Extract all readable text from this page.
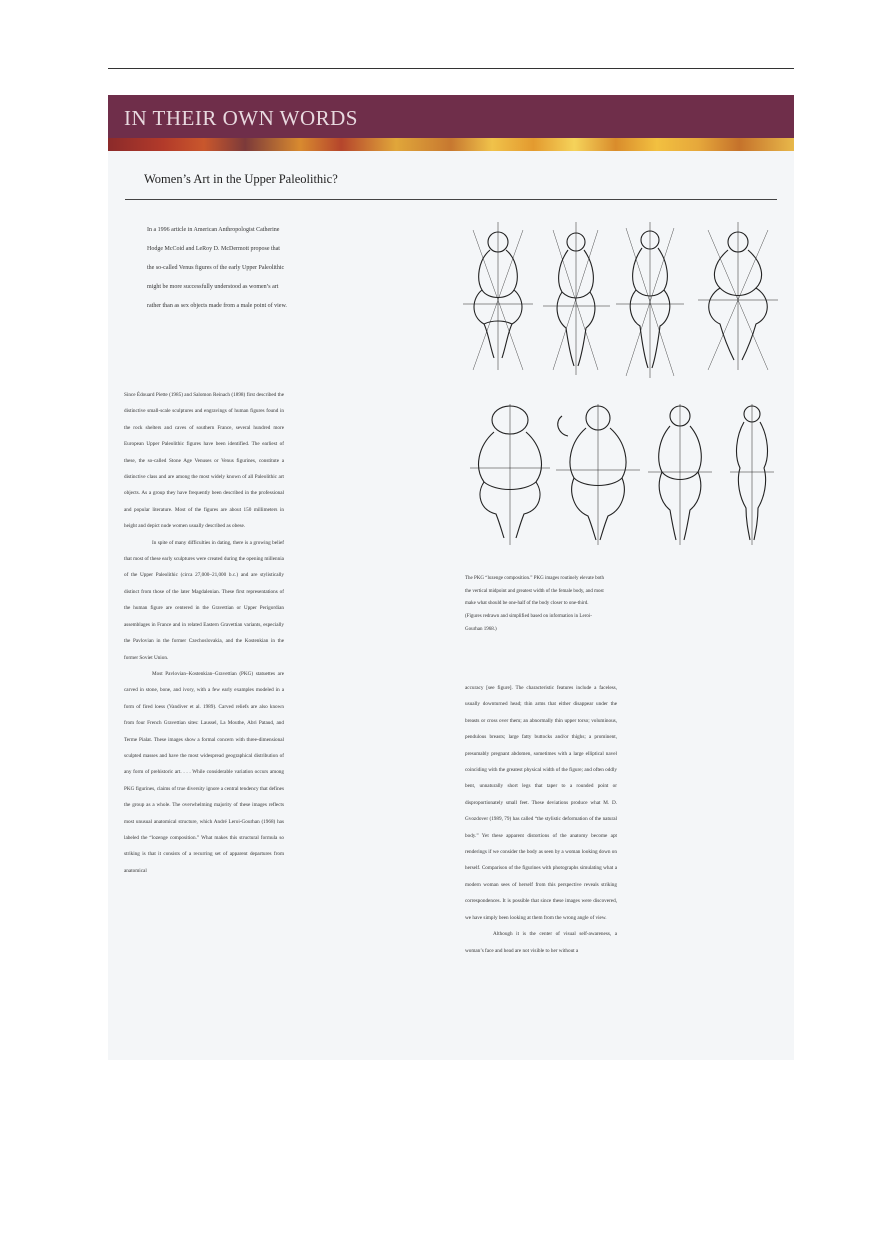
IN THEIR OWN WORDS
Women’s Art in the Upper Paleolithic?
In a 1996 article in American Anthropologist Catherine Hodge McCoid and LeRoy D. McDermott propose that the so-called Venus figures of the early Upper Paleolithic might be more successfully understood as women’s art rather than as sex objects made from a male point of view.

Since Édouard Piette (1985) and Salomon Reinach (1898) first described the distinctive small-scale sculptures and engravings of human figures found in the rock shelters and caves of southern France, several hundred more European Upper Paleolithic figures have been identified. The earliest of these, the so-called Stone Age Venuses or Venus figurines, constitute a distinctive class and are among the most widely known of all Paleolithic art objects. As a group they have frequently been described in the professional and popular literature. Most of the figures are about 150 millimeters in height and depict nude women usually described as obese.

In spite of many difficulties in dating, there is a growing belief that most of these early sculptures were created during the opening millennia of the Upper Paleolithic (circa 27,000–21,000 b.c.) and are stylistically distinct from those of the later Magdalenian. These first representations of the human figure are centered in the Gravettian or Upper Perigordian assemblages in France and in related Eastern Gravettian variants, especially the Pavlovian in the former Czechoslovakia, and the Kostenkian in the former Soviet Union.

Most Pavlovian–Kostenkian–Gravettian (PKG) statuettes are carved in stone, bone, and ivory, with a few early examples modeled in a form of fired loess (Vandiver et al. 1989). Carved reliefs are also known from four French Gravettian sites: Laussel, La Mouthe, Abri Pataud, and Terme Pialat. These images show a formal concern with three-dimensional sculpted masses and have the most widespread geographical distribution of any form of prehistoric art. . . . While considerable variation occurs among PKG figurines, claims of true diversity ignore a central tendency that defines the group as a whole. The overwhelming majority of these images reflects most unusual anatomical structure, which André Leroi-Gourhan (1968) has labeled the “lozenge composition.” What makes this structural formula so striking is that it consists of a recurring set of apparent departures from anatomical

The PKG “lozenge composition.” PKG images routinely elevate both the vertical midpoint and greatest width of the female body, and most make what should be one-half of the body closer to one-third. (Figures redrawn and simplified based on information in Leroi-Gourhan 1968.)

accuracy [see figure]. The characteristic features include a faceless, usually downturned head; thin arms that either disappear under the breasts or cross over them; an abnormally thin upper torso; voluminous, pendulous breasts; large fatty buttocks and/or thighs; a prominent, presumably pregnant abdomen, sometimes with a large elliptical navel coinciding with the greatest physical width of the figure; and often oddly bent, unnaturally short legs that taper to a rounded point or disproportionately small feet. These deviations produce what M. D. Gvozdover (1989, 79) has called “the stylistic deformation of the natural body.” Yet these apparent distortions of the anatomy become apt renderings if we consider the body as seen by a woman looking down on herself. Comparison of the figurines with photographs simulating what a modern woman sees of herself from this perspective reveals striking correspondences. It is possible that since these images were discovered, we have simply been looking at them from the wrong angle of view.

Although it is the center of visual self-awareness, a woman’s face and head are not visible to her without a
